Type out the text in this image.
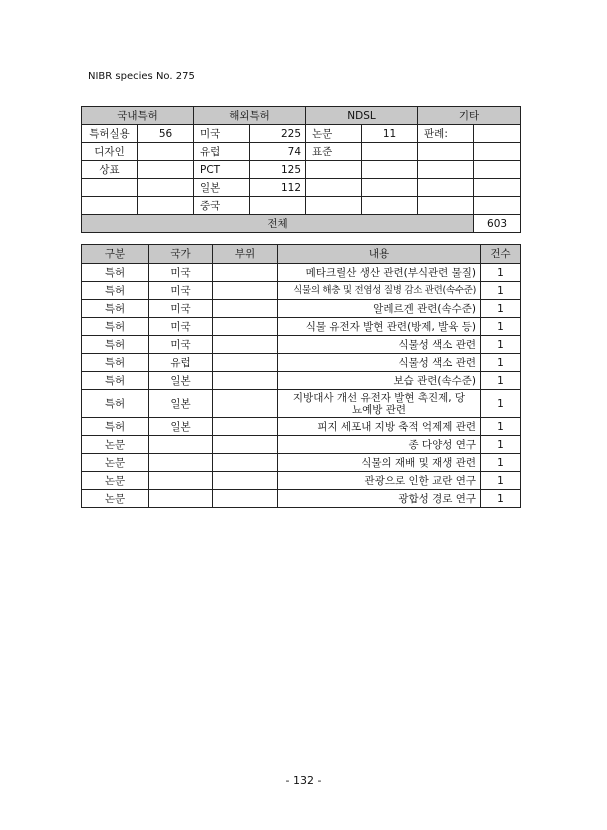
NIBR species No. 275
국내특허		해외특허		NDSL		기타	
특허실용	56	미국	225	논문	11	판례:	
디자인		유럽	74	표준			
상표		PCT	125				
		일본	112				
		중국					
전체							603
구분	국가	부위	내용	건수
특허	미국		메타크릴산 생산 관련(부식관련 물질)	1
특허	미국		식물의 해충 및 전염성 질병 감소 관련(속수준)	1
특허	미국		알레르겐 관련(속수준)	1
특허	미국		식물 유전자 발현 관련(방제, 발육 등)	1
특허	미국		식물성 색소 관련	1
특허	유럽		식물성 색소 관련	1
특허	일본		보습 관련(속수준)	1
특허	일본		지방대사 개선 유전자 발현 촉진제, 당뇨예방 관련	1
특허	일본		피지 세포내 지방 축적 억제제 관련	1
논문			종 다양성 연구	1
논문			식물의 재배 및 재생 관련	1
논문			관광으로 인한 교란 연구	1
논문			광합성 경로 연구	1
- 132 -
